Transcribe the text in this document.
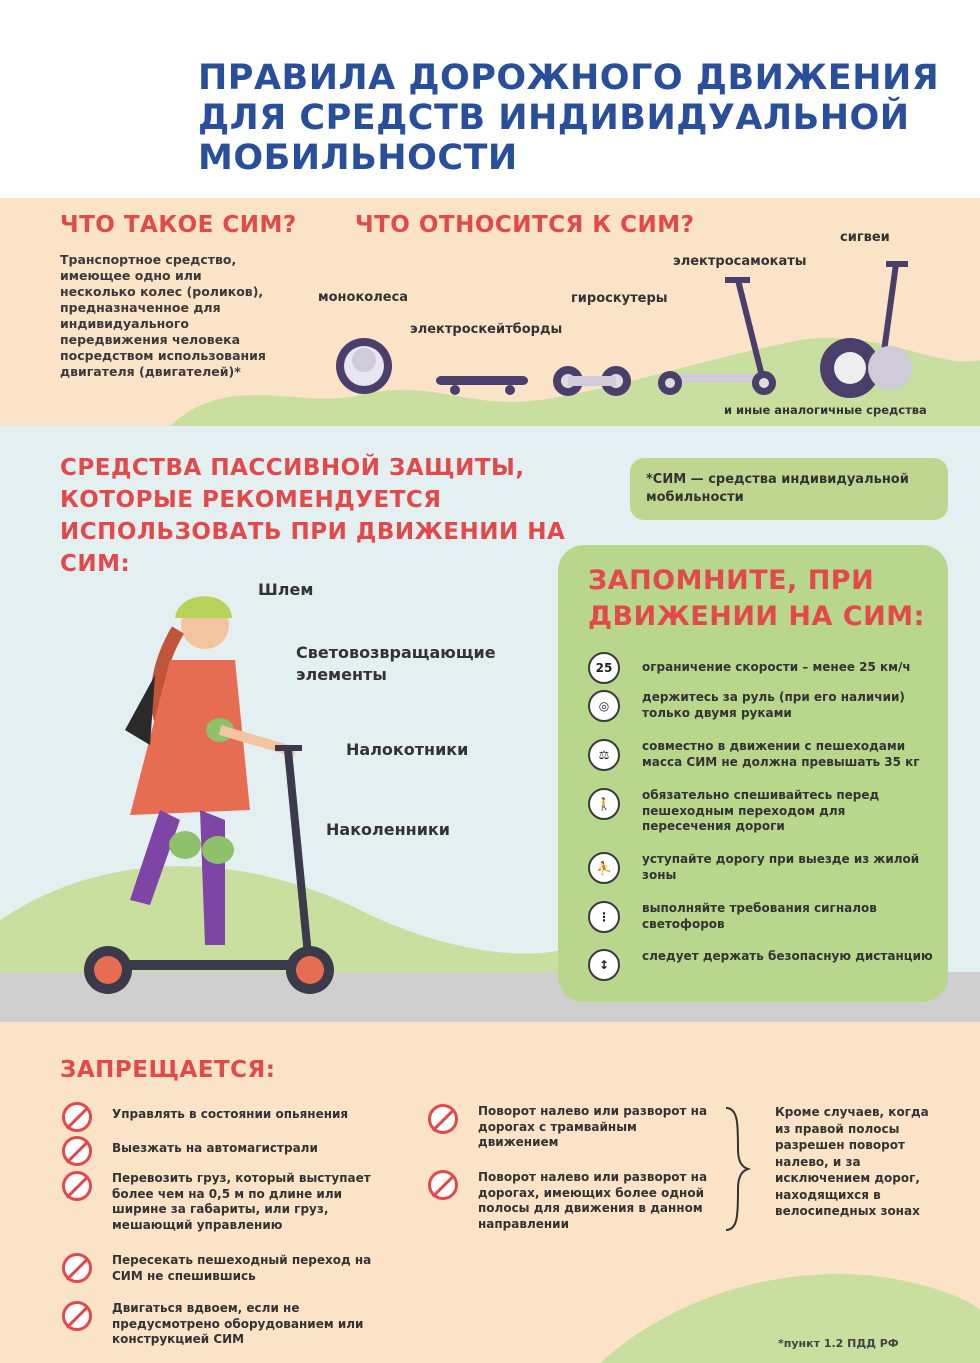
ПРАВИЛА ДОРОЖНОГО ДВИЖЕНИЯ
ДЛЯ СРЕДСТВ ИНДИВИДУАЛЬНОЙ
МОБИЛЬНОСТИ
ЧТО ТАКОЕ СИМ?
Транспортное средство, имеющее одно или несколько колес (роликов), предназначенное для индивидуального передвижения человека посредством использования двигателя (двигателей)*
ЧТО ОТНОСИТСЯ К СИМ?
моноколеса
электроскейтборды
гироскутеры
электросамокаты
сигвеи
и иные аналогичные средства
СРЕДСТВА ПАССИВНОЙ ЗАЩИТЫ, КОТОРЫЕ РЕКОМЕНДУЕТСЯ ИСПОЛЬЗОВАТЬ ПРИ ДВИЖЕНИИ НА СИМ:
*СИМ — средства индивидуальной мобильности
Шлем
Световозвращающие элементы
Налокотники
Наколенники
ЗАПОМНИТЕ, ПРИ
ДВИЖЕНИИ НА СИМ:
25	ограничение скорости – менее 25 км/ч
◎
держитесь за руль (при его наличии) только двумя руками
⚖
совместно в движении с пешеходами масса СИМ не должна превышать 35 кг
🚶
обязательно спешивайтесь перед пешеходным переходом для пересечения дороги
⛹
уступайте дорогу при выезде из жилой зоны
⋮
выполняйте требования сигналов светофоров
↕
следует держать безопасную дистанцию
ЗАПРЕЩАЕТСЯ:
Управлять в состоянии опьянения
Выезжать на автомагистрали
Перевозить груз, который выступает более чем на 0,5 м по длине или ширине за габариты, или груз, мешающий управлению
Пересекать пешеходный переход на СИМ не спешившись
Двигаться вдвоем, если не предусмотрено оборудованием или конструкцией СИМ
Поворот налево или разворот на дорогах с трамвайным движением
Поворот налево или разворот на дорогах, имеющих более одной полосы для движения в данном направлении
Кроме случаев, когда из правой полосы разрешен поворот налево, и за исключением дорог, находящихся в велосипедных зонах
*пункт 1.2 ПДД РФ
